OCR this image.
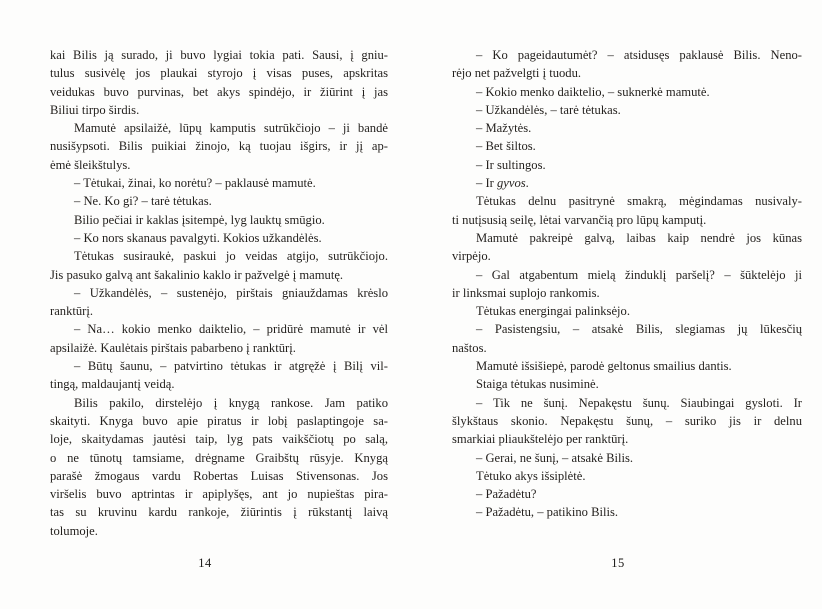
kai Bilis ją surado, ji buvo lygiai tokia pati. Sausi, į gniu-
tulus susivėlę jos plaukai styrojo į visas puses, apskritas
veidukas buvo purvinas, bet akys spindėjo, ir žiūrint į jas
Biliui tirpo širdis.
Mamutė apsilaižė, lūpų kamputis sutrūkčiojo – ji bandė
nusišypsoti. Bilis puikiai žinojo, ką tuojau išgirs, ir jį ap-
ėmė šleikštulys.
– Tėtukai, žinai, ko norėtu? – paklausė mamutė.
– Ne. Ko gi? – tarė tėtukas.
Bilio pečiai ir kaklas įsitempė, lyg lauktų smūgio.
– Ko nors skanaus pavalgyti. Kokios užkandėlės.
Tėtukas susiraukė, paskui jo veidas atgijo, sutrūkčiojo.
Jis pasuko galvą ant šakalinio kaklo ir pažvelgė į mamutę.
– Užkandėlės, – sustenėjo, pirštais gniauždamas krėslo
ranktūrį.
– Na… kokio menko daiktelio, – pridūrė mamutė ir vėl
apsilaižė. Kaulėtais pirštais pabarbeno į ranktūrį.
– Būtų šaunu, – patvirtino tėtukas ir atgręžė į Bilį vil-
tingą, maldaujantį veidą.
Bilis pakilo, dirstelėjo į knygą rankose. Jam patiko
skaityti. Knyga buvo apie piratus ir lobį paslaptingoje sa-
loje, skaitydamas jautėsi taip, lyg pats vaikščiotų po salą,
o ne tūnotų tamsiame, drėgname Graibštų rūsyje. Knygą
parašė žmogaus vardu Robertas Luisas Stivensonas. Jos
viršelis buvo aptrintas ir apiplyšęs, ant jo nupieštas pira-
tas su kruvinu kardu rankoje, žiūrintis į rūkstantį laivą
tolumoje.
14
– Ko pageidautumėt? – atsidusęs paklausė Bilis. Neno-
rėjo net pažvelgti į tuodu.
– Kokio menko daiktelio, – suknerkė mamutė.
– Užkandėlės, – tarė tėtukas.
– Mažytės.
– Bet šiltos.
– Ir sultingos.
– Ir gyvos.
Tėtukas delnu pasitrynė smakrą, mėgindamas nusivaly-
ti nutįsusią seilę, lėtai varvančią pro lūpų kamputį.
Mamutė pakreipė galvą, laibas kaip nendrė jos kūnas
virpėjo.
– Gal atgabentum mielą žinduklį paršelį? – šūktelėjo ji
ir linksmai suplojo rankomis.
Tėtukas energingai palinksėjo.
– Pasistengsiu, – atsakė Bilis, slegiamas jų lūkesčių
naštos.
Mamutė išsišiepė, parodė geltonus smailius dantis.
Staiga tėtukas nusiminė.
– Tik ne šunį. Nepakęstu šunų. Siaubingai gysloti. Ir
šlykštaus skonio. Nepakęstu šunų, – suriko jis ir delnu
smarkiai pliaukštelėjo per ranktūrį.
– Gerai, ne šunį, – atsakė Bilis.
Tėtuko akys išsiplėtė.
– Pažadėtu?
– Pažadėtu, – patikino Bilis.
15
